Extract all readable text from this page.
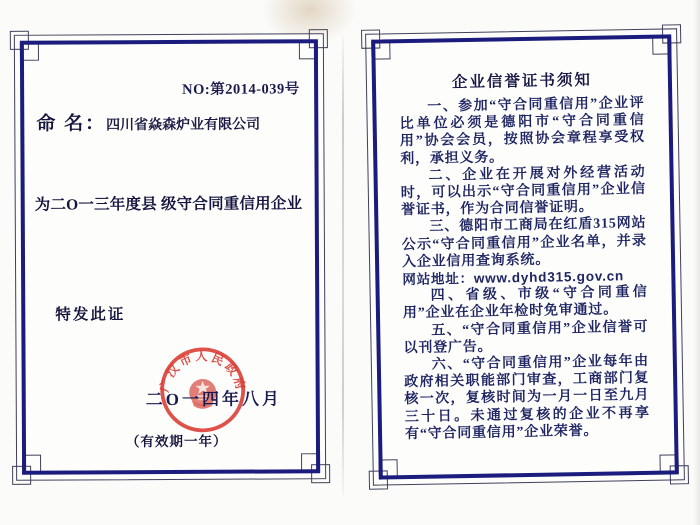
NO:第2014-039号
命 名：四川省焱森炉业有限公司
为二O一三年度县 级守合同重信用企业
特发此证
广汉市人民政府
二O一四年八月
（有效期一年）
企业信誉证书须知

一、参加“守合同重信用”企业评比单位必须是德阳市“守合同重信用”协会会员，按照协会章程享受权利，承担义务。

二、企业在开展对外经营活动时，可以出示“守合同重信用”企业信誉证书，作为合同信誉证明。

三、德阳市工商局在红盾315网站公示“守合同重信用”企业名单，并录入企业信用查询系统。

网站地址：www.dyhd315.gov.cn

四、省级、市级“守合同重信用”企业在企业年检时免审通过。

五、“守合同重信用”企业信誉可以刊登广告。

六、“守合同重信用”企业每年由政府相关职能部门审查，工商部门复核一次，复核时间为一月一日至九月三十日。未通过复核的企业不再享有“守合同重信用”企业荣誉。
